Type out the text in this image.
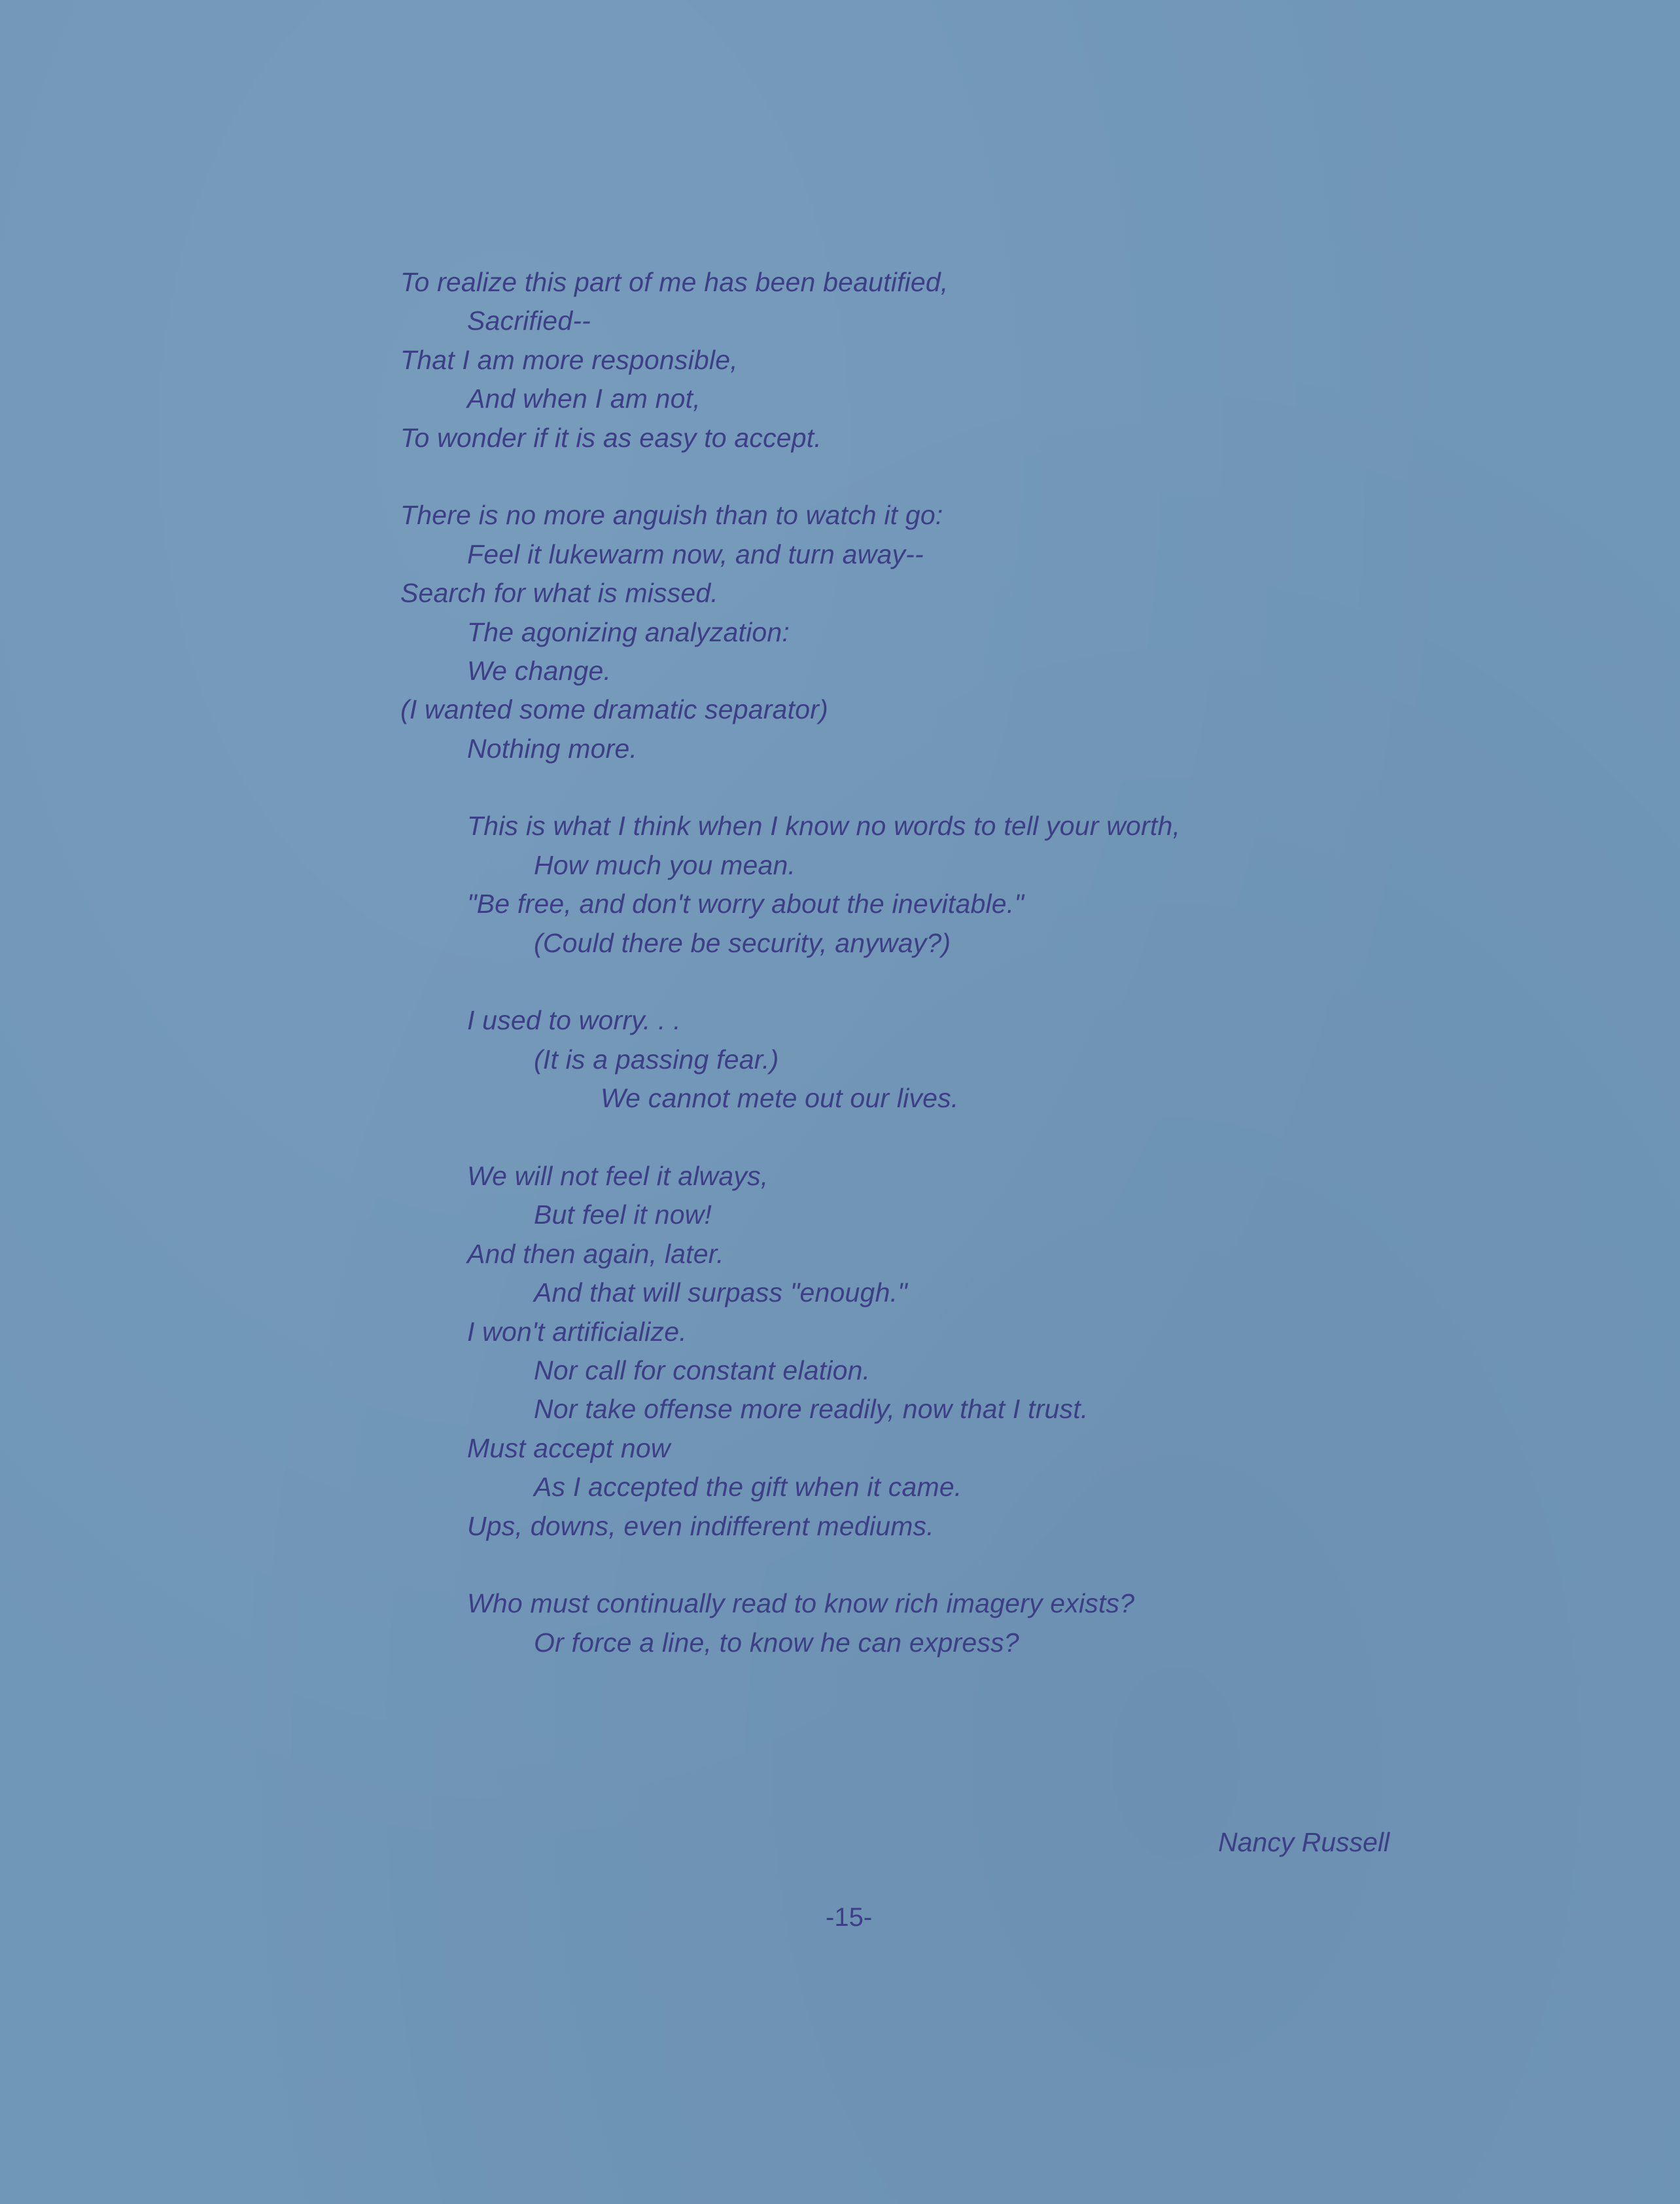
To realize this part of me has been beautified,
Sacrified--
That I am more responsible,
And when I am not,
To wonder if it is as easy to accept.
There is no more anguish than to watch it go:
Feel it lukewarm now, and turn away--
Search for what is missed.
The agonizing analyzation:
We change.
(I wanted some dramatic separator)
Nothing more.
This is what I think when I know no words to tell your worth,
How much you mean.
"Be free, and don't worry about the inevitable."
(Could there be security, anyway?)
I used to worry. . .
(It is a passing fear.)
We cannot mete out our lives.
We will not feel it always,
But feel it now!
And then again, later.
And that will surpass "enough."
I won't artificialize.
Nor call for constant elation.
Nor take offense more readily, now that I trust.
Must accept now
As I accepted the gift when it came.
Ups, downs, even indifferent mediums.
Who must continually read to know rich imagery exists?
Or force a line, to know he can express?
Nancy Russell
-15-
